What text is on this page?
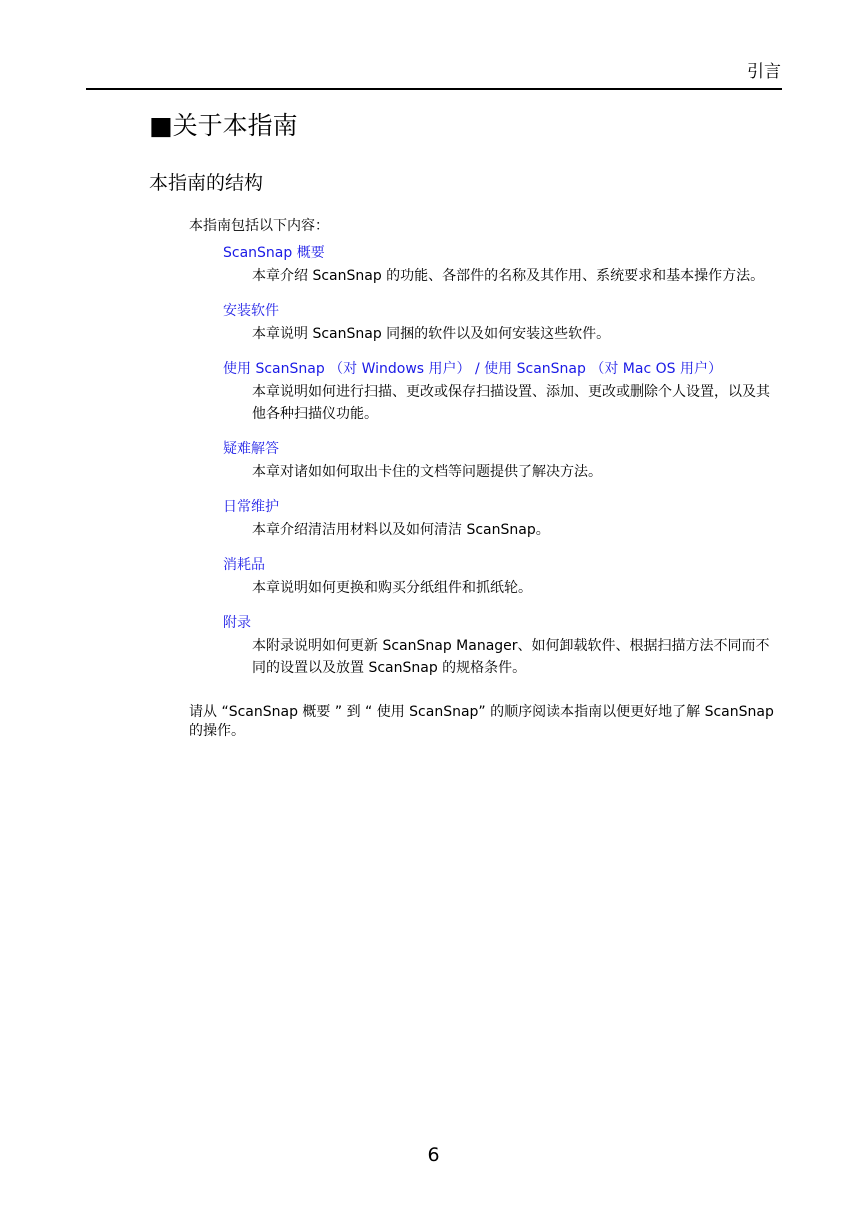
引言
■关于本指南
本指南的结构
本指南包括以下内容：
ScanSnap 概要
本章介绍 ScanSnap 的功能、各部件的名称及其作用、系统要求和基本操作方法。
安装软件
本章说明 ScanSnap 同捆的软件以及如何安装这些软件。
使用 ScanSnap （对 Windows 用户） / 使用 ScanSnap （对 Mac OS 用户）
本章说明如何进行扫描、更改或保存扫描设置、添加、更改或删除个人设置，以及其他各种扫描仪功能。
疑难解答
本章对诸如如何取出卡住的文档等问题提供了解决方法。
日常维护
本章介绍清洁用材料以及如何清洁 ScanSnap。
消耗品
本章说明如何更换和购买分纸组件和抓纸轮。
附录
本附录说明如何更新 ScanSnap Manager、如何卸载软件、根据扫描方法不同而不同的设置以及放置 ScanSnap 的规格条件。
请从 “ScanSnap 概要 ” 到 “ 使用 ScanSnap” 的顺序阅读本指南以便更好地了解 ScanSnap 的操作。
6
